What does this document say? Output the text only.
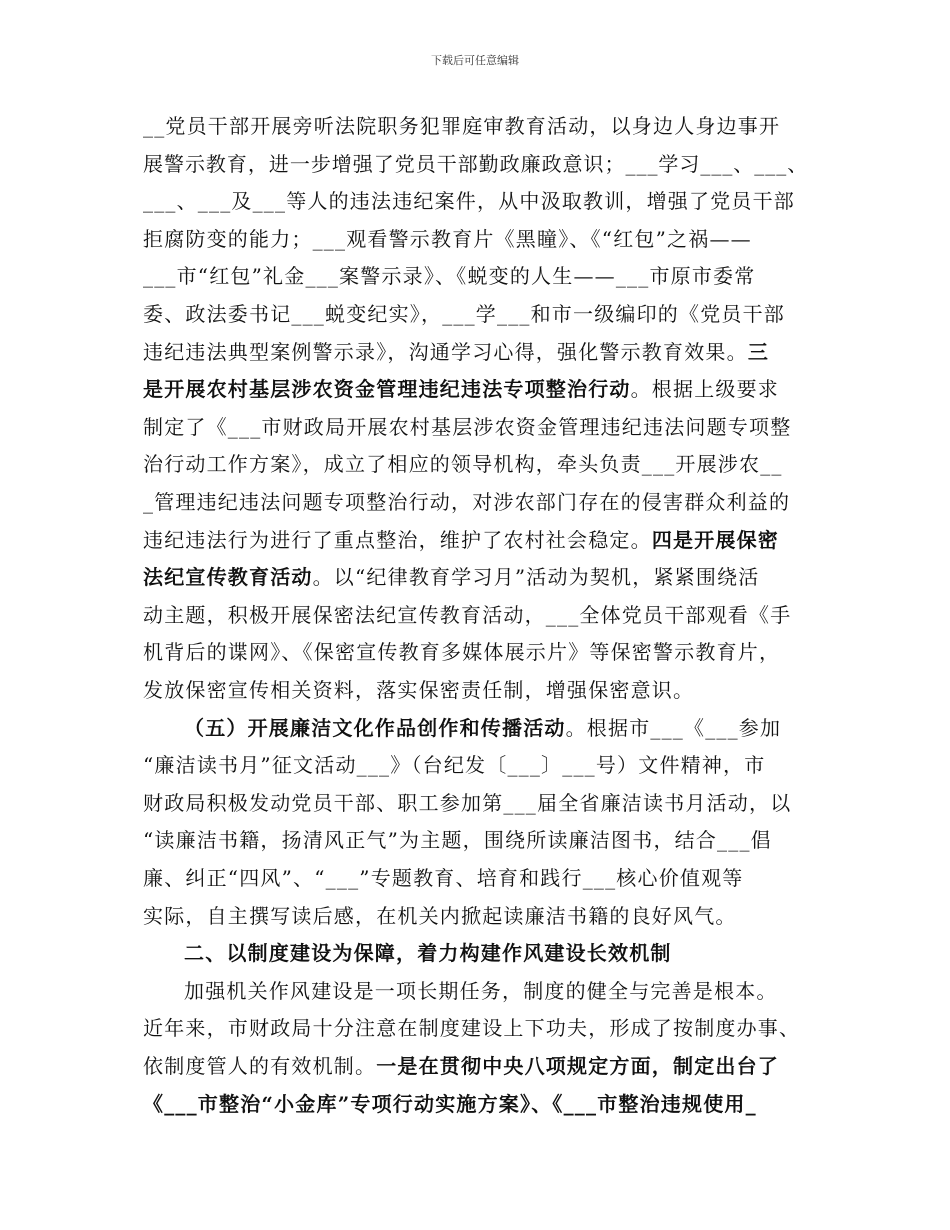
下载后可任意编辑
__党员干部开展旁听法院职务犯罪庭审教育活动，以身边人身边事开
展警示教育，进一步增强了党员干部勤政廉政意识；___学习___、___、
___、___及___等人的违法违纪案件，从中汲取教训，增强了党员干部
拒腐防变的能力；___观看警示教育片《黑瞳》、《“红包”之祸——
___市“红包”礼金___案警示录》、《蜕变的人生——___市原市委常
委、政法委书记___蜕变纪实》，___学___和市一级编印的《党员干部
违纪违法典型案例警示录》，沟通学习心得，强化警示教育效果。三
是开展农村基层涉农资金管理违纪违法专项整治行动。根据上级要求
制定了《___市财政局开展农村基层涉农资金管理违纪违法问题专项整
治行动工作方案》，成立了相应的领导机构，牵头负责___开展涉农__
_管理违纪违法问题专项整治行动，对涉农部门存在的侵害群众利益的
违纪违法行为进行了重点整治，维护了农村社会稳定。四是开展保密
法纪宣传教育活动。以“纪律教育学习月”活动为契机，紧紧围绕活
动主题，积极开展保密法纪宣传教育活动，___全体党员干部观看《手
机背后的谍网》、《保密宣传教育多媒体展示片》等保密警示教育片，
发放保密宣传相关资料，落实保密责任制，增强保密意识。
（五）开展廉洁文化作品创作和传播活动。根据市___《___参加
“廉洁读书月”征文活动___》（台纪发〔___〕___号）文件精神，市
财政局积极发动党员干部、职工参加第___届全省廉洁读书月活动，以
“读廉洁书籍，扬清风正气”为主题，围绕所读廉洁图书，结合___倡
廉、纠正“四风”、“___”专题教育、培育和践行___核心价值观等
实际，自主撰写读后感，在机关内掀起读廉洁书籍的良好风气。
二、以制度建设为保障，着力构建作风建设长效机制
加强机关作风建设是一项长期任务，制度的健全与完善是根本。
近年来，市财政局十分注意在制度建设上下功夫，形成了按制度办事、
依制度管人的有效机制。一是在贯彻中央八项规定方面，制定出台了
《___市整治“小金库”专项行动实施方案》、《___市整治违规使用_
